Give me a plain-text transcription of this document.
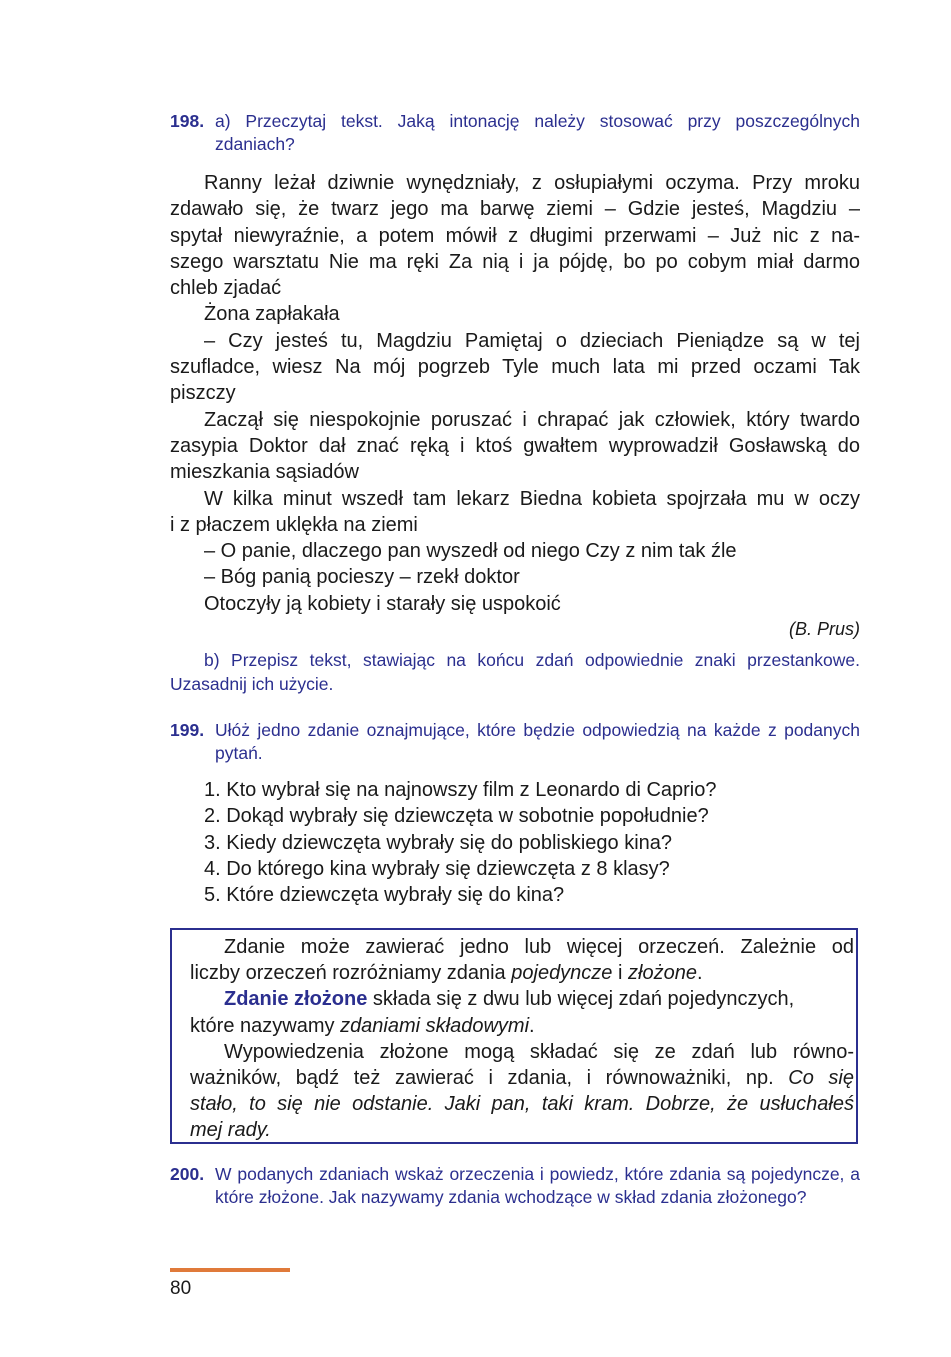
198. a) Przeczytaj tekst. Jaką intonację należy stosować przy poszczególnych zdaniach?
Ranny leżał dziwnie wynędzniały, z osłupiałymi oczyma. Przy mroku
zdawało się, że twarz jego ma barwę ziemi – Gdzie jesteś, Magdziu –
spytał niewyraźnie, a potem mówił z długimi przerwami – Już nic z na-
szego warsztatu Nie ma ręki Za nią i ja pójdę, bo po cobym miał darmo
chleb zjadać
Żona zapłakała
– Czy jesteś tu, Magdziu Pamiętaj o dzieciach Pieniądze są w tej
szufladce, wiesz Na mój pogrzeb Tyle much lata mi przed oczami Tak
piszczy
Zaczął się niespokojnie poruszać i chrapać jak człowiek, który twardo
zasypia Doktor dał znać ręką i ktoś gwałtem wyprowadził Gosławską do
mieszkania sąsiadów
W kilka minut wszedł tam lekarz Biedna kobieta spojrzała mu w oczy
i z płaczem uklękła na ziemi
– O panie, dlaczego pan wyszedł od niego Czy z nim tak źle
– Bóg panią pocieszy – rzekł doktor
Otoczyły ją kobiety i starały się uspokoić
(B. Prus)
b) Przepisz tekst, stawiając na końcu zdań odpowiednie znaki przestankowe.
Uzasadnij ich użycie.
199. Ułóż jedno zdanie oznajmujące, które będzie odpowiedzią na każde z podanych pytań.
1. Kto wybrał się na najnowszy film z Leonardo di Caprio?
2. Dokąd wybrały się dziewczęta w sobotnie popołudnie?
3. Kiedy dziewczęta wybrały się do pobliskiego kina?
4. Do którego kina wybrały się dziewczęta z 8 klasy?
5. Które dziewczęta wybrały się do kina?
Zdanie może zawierać jedno lub więcej orzeczeń. Zależnie od
liczby orzeczeń rozróżniamy zdania pojedyncze i złożone.
Zdanie złożone składa się z dwu lub więcej zdań pojedynczych,
które nazywamy zdaniami składowymi.
Wypowiedzenia złożone mogą składać się ze zdań lub równo-
ważników, bądź też zawierać i zdania, i równoważniki, np. Co się
stało, to się nie odstanie. Jaki pan, taki kram. Dobrze, że usłuchałeś
mej rady.
200. W podanych zdaniach wskaż orzeczenia i powiedz, które zdania są pojedyncze, a które złożone. Jak nazywamy zdania wchodzące w skład zdania złożonego?
80
